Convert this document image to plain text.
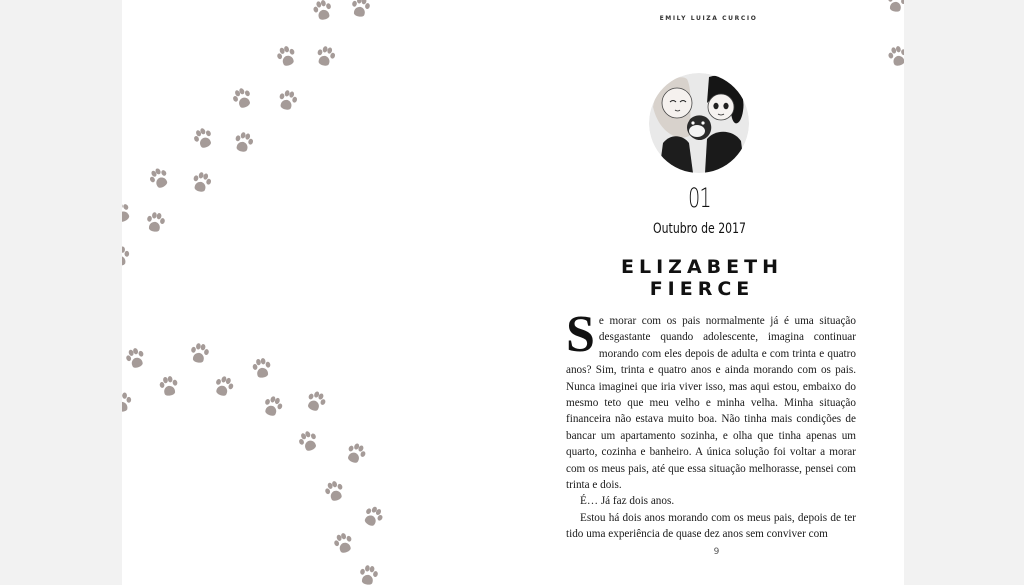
EMILY LUIZA CURCIO
01
Outubro de 2017
ELIZABETH FIERCE

Se morar com os pais normalmente já é uma situação desgastante quando adolescente, imagina continuar morando com eles depois de adulta e com trinta e quatro anos? Sim, trinta e quatro anos e ainda morando com os pais. Nunca imaginei que iria viver isso, mas aqui estou, embaixo do mesmo teto que meu velho e minha velha. Minha situação financeira não estava muito boa. Não tinha mais condições de bancar um apartamento sozinha, e olha que tinha apenas um quarto, cozinha e banheiro. A única solução foi voltar a morar com os meus pais, até que essa situação melhorasse, pensei com trinta e dois.

É… Já faz dois anos.

Estou há dois anos morando com os meus pais, depois de ter tido uma experiência de quase dez anos sem conviver com

9
